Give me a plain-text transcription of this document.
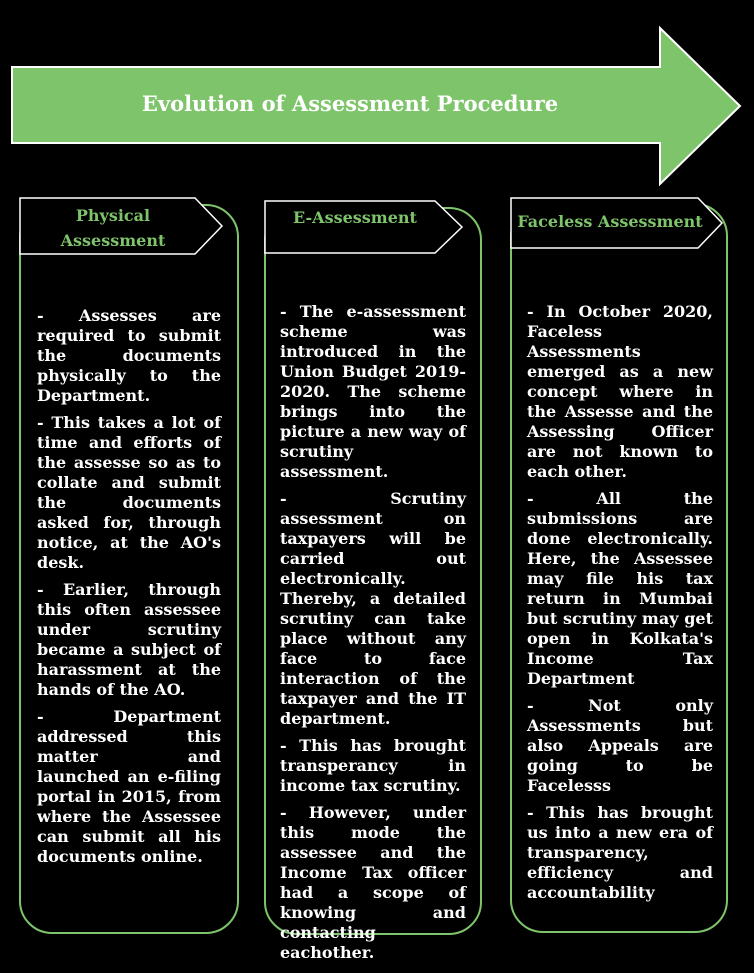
Evolution of Assessment Procedure
Physical Assessment

- Assesses are required to submit the documents physically to the Department.

- This takes a lot of time and efforts of the assesse so as to collate and submit the documents asked for, through notice, at the AO's desk.

- Earlier, through this often assessee under scrutiny became a subject of harassment at the hands of the AO.

- Department addressed this matter and launched an e-filing portal in 2015, from where the Assessee can submit all his documents online.

E-Assessment

- The e-assessment scheme was introduced in the Union Budget 2019-2020. The scheme brings into the picture a new way of scrutiny assessment.

- Scrutiny assessment on taxpayers will be carried out electronically. Thereby, a detailed scrutiny can take place without any face to face interaction of the taxpayer and the IT department.

- This has brought transperancy in income tax scrutiny.

- However, under this mode the assessee and the Income Tax officer had a scope of knowing and contacting eachother.

Faceless Assessment

- In October 2020, Faceless Assessments emerged as a new concept where in the Assesse and the Assessing Officer are not known to each other.

- All the submissions are done electronically. Here, the Assessee may file his tax return in Mumbai but scrutiny may get open in Kolkata's Income Tax Department

- Not only Assessments but also Appeals are going to be Facelesss

- This has brought us into a new era of transparency, efficiency and accountability
